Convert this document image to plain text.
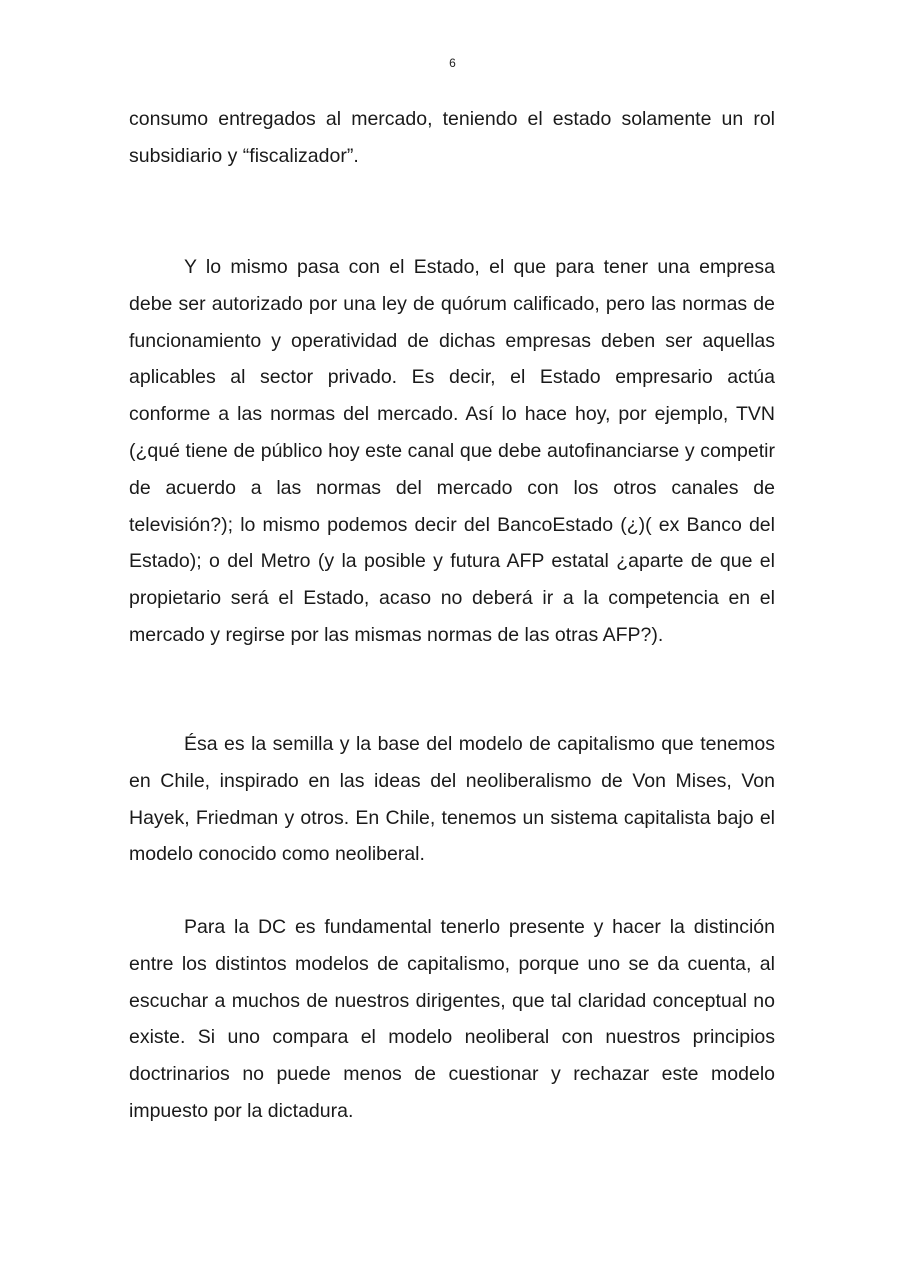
6

consumo entregados al mercado, teniendo el estado solamente un rol subsidiario y “fiscalizador”.

Y lo mismo pasa con el Estado, el que para tener una empresa debe ser autorizado por una ley de quórum calificado, pero las normas de funcionamiento y operatividad de dichas empresas deben ser aquellas aplicables al sector privado. Es decir, el Estado empresario actúa conforme a las normas del mercado. Así lo hace hoy, por ejemplo, TVN (¿qué tiene de público hoy este canal que debe autofinanciarse y competir de acuerdo a las normas del mercado con los otros canales de televisión?); lo mismo podemos decir del BancoEstado (¿)( ex Banco del Estado); o del Metro (y la posible y futura AFP estatal ¿aparte de que el propietario será el Estado, acaso no deberá ir a la competencia en el mercado y regirse por las mismas normas de las otras AFP?).

Ésa es la semilla y la base del modelo de capitalismo que tenemos en Chile, inspirado en las ideas del neoliberalismo de Von Mises, Von Hayek, Friedman y otros. En Chile, tenemos un sistema capitalista bajo el modelo conocido como neoliberal.

Para la DC es fundamental tenerlo presente y hacer la distinción entre los distintos modelos de capitalismo, porque uno se da cuenta, al escuchar a muchos de nuestros dirigentes, que tal claridad conceptual no existe. Si uno compara el modelo neoliberal con nuestros principios doctrinarios no puede menos de cuestionar y rechazar este modelo impuesto por la dictadura.
